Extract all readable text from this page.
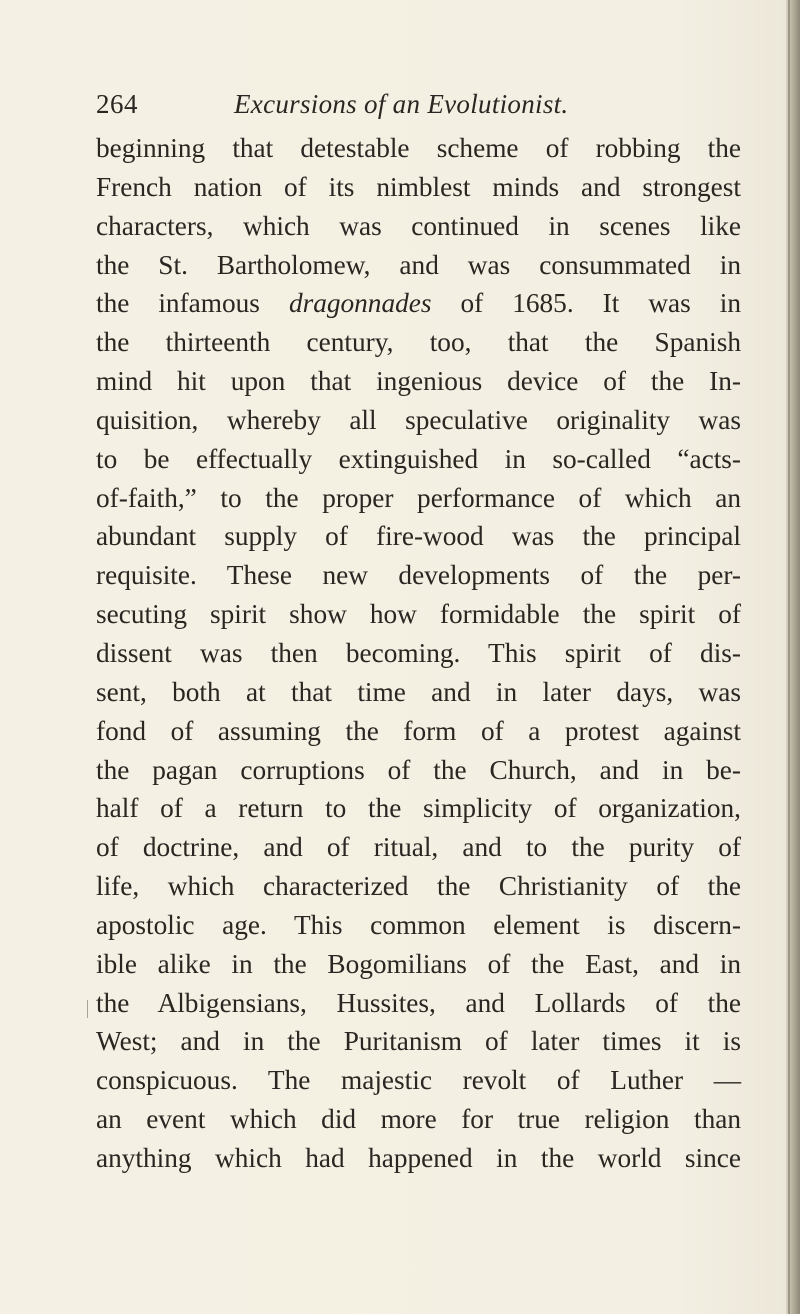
264	Excursions of an Evolutionist.
beginning that detestable scheme of robbing the
French nation of its nimblest minds and strongest
characters, which was continued in scenes like
the St. Bartholomew, and was consummated in
the infamous dragonnades of 1685. It was in
the thirteenth century, too, that the Spanish
mind hit upon that ingenious device of the In-
quisition, whereby all speculative originality was
to be effectually extinguished in so-called “acts-
of-faith,” to the proper performance of which an
abundant supply of fire-wood was the principal
requisite. These new developments of the per-
secuting spirit show how formidable the spirit of
dissent was then becoming. This spirit of dis-
sent, both at that time and in later days, was
fond of assuming the form of a protest against
the pagan corruptions of the Church, and in be-
half of a return to the simplicity of organization,
of doctrine, and of ritual, and to the purity of
life, which characterized the Christianity of the
apostolic age. This common element is discern-
ible alike in the Bogomilians of the East, and in
the Albigensians, Hussites, and Lollards of the
West; and in the Puritanism of later times it is
conspicuous. The majestic revolt of Luther —
an event which did more for true religion than
anything which had happened in the world since
